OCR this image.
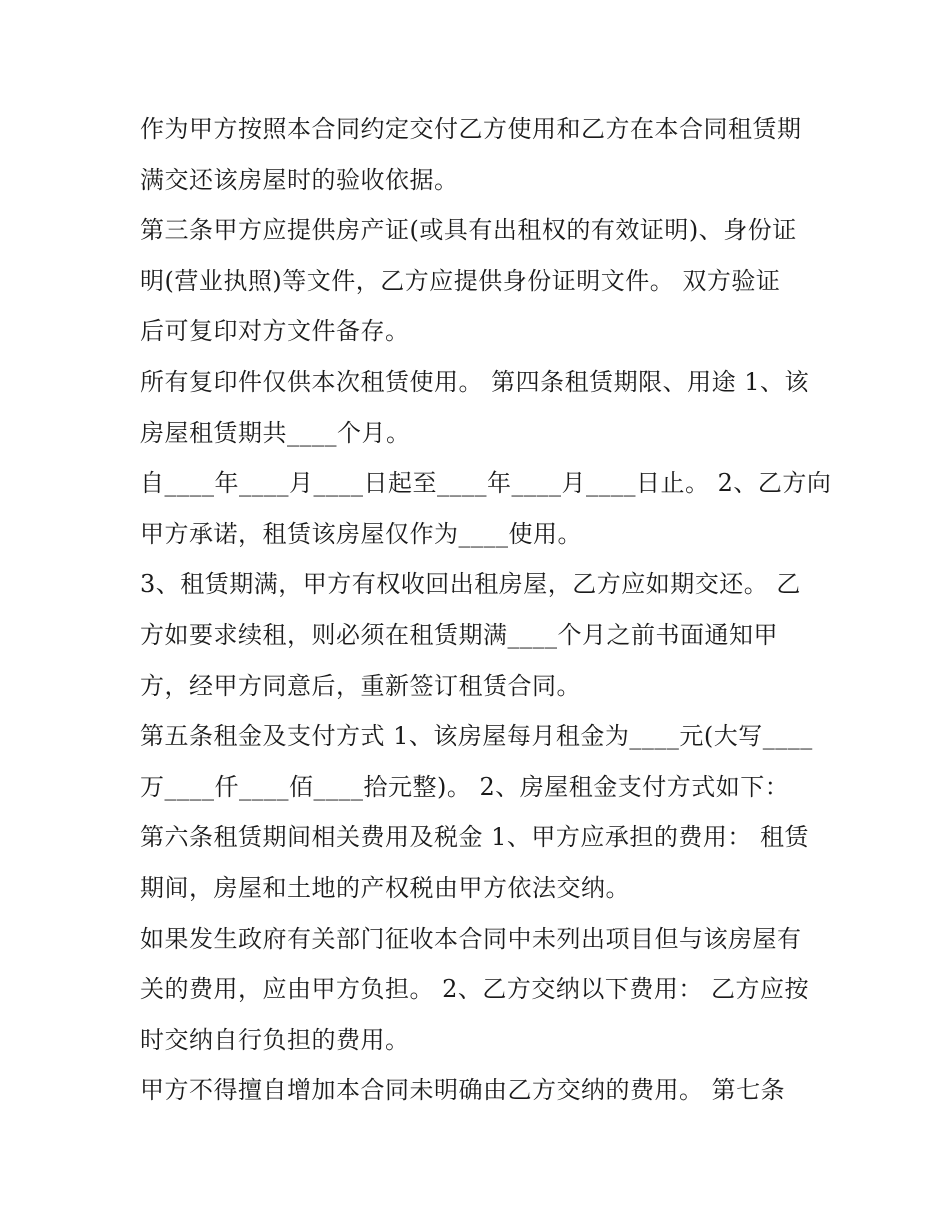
作为甲方按照本合同约定交付乙方使用和乙方在本合同租赁期
满交还该房屋时的验收依据。
第三条甲方应提供房产证(或具有出租权的有效证明)、身份证
明(营业执照)等文件，乙方应提供身份证明文件。 双方验证
后可复印对方文件备存。
所有复印件仅供本次租赁使用。 第四条租赁期限、用途 1、该
房屋租赁期共____个月。
自____年____月____日起至____年____月____日止。 2、乙方向
甲方承诺，租赁该房屋仅作为____使用。
3、租赁期满，甲方有权收回出租房屋，乙方应如期交还。 乙
方如要求续租，则必须在租赁期满____个月之前书面通知甲
方，经甲方同意后，重新签订租赁合同。
第五条租金及支付方式 1、该房屋每月租金为____元(大写____
万____仟____佰____拾元整)。 2、房屋租金支付方式如下：
第六条租赁期间相关费用及税金 1、甲方应承担的费用： 租赁
期间，房屋和土地的产权税由甲方依法交纳。
如果发生政府有关部门征收本合同中未列出项目但与该房屋有
关的费用，应由甲方负担。 2、乙方交纳以下费用： 乙方应按
时交纳自行负担的费用。
甲方不得擅自增加本合同未明确由乙方交纳的费用。 第七条
